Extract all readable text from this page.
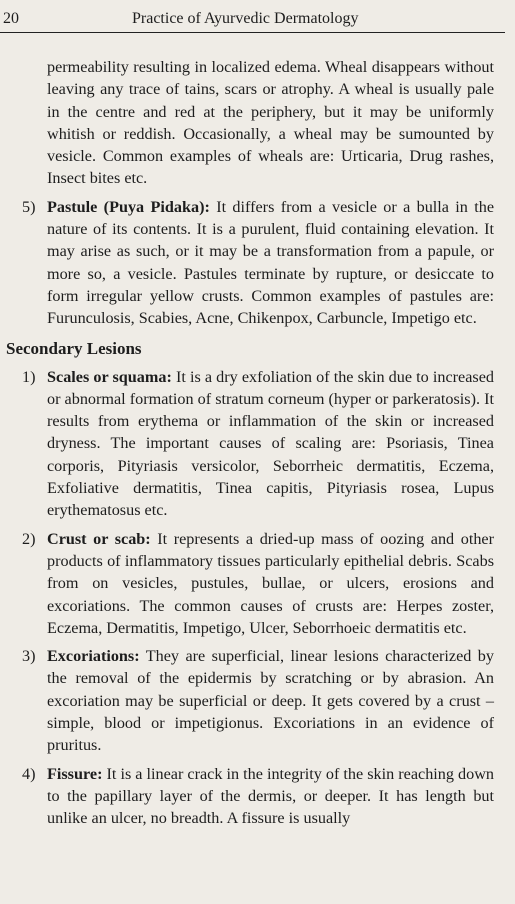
20	Practice of Ayurvedic Dermatology

permeability resulting in localized edema. Wheal disappears without leaving any trace of tains, scars or atrophy. A wheal is usually pale in the centre and red at the periphery, but it may be uniformly whitish or reddish. Occasionally, a wheal may be sumounted by vesicle. Common examples of wheals are: Urticaria, Drug rashes, Insect bites etc.

5) Pastule (Puya Pidaka): It differs from a vesicle or a bulla in the nature of its contents. It is a purulent, fluid containing elevation. It may arise as such, or it may be a transformation from a papule, or more so, a vesicle. Pastules terminate by rupture, or desiccate to form irregular yellow crusts. Common examples of pastules are: Furunculosis, Scabies, Acne, Chikenpox, Carbuncle, Impetigo etc.

Secondary Lesions
1) Scales or squama: It is a dry exfoliation of the skin due to increased or abnormal formation of stratum corneum (hyper or parkeratosis). It results from erythema or inflammation of the skin or increased dryness. The important causes of scaling are: Psoriasis, Tinea corporis, Pityriasis versicolor, Seborrheic dermatitis, Eczema, Exfoliative dermatitis, Tinea capitis, Pityriasis rosea, Lupus erythematosus etc.

2) Crust or scab: It represents a dried-up mass of oozing and other products of inflammatory tissues particularly epithelial debris. Scabs from on vesicles, pustules, bullae, or ulcers, erosions and excoriations. The common causes of crusts are: Herpes zoster, Eczema, Dermatitis, Impetigo, Ulcer, Seborrhoeic dermatitis etc.

3) Excoriations: They are superficial, linear lesions characterized by the removal of the epidermis by scratching or by abrasion. An excoriation may be superficial or deep. It gets covered by a crust – simple, blood or impetigionus. Excoriations in an evidence of pruritus.

4) Fissure: It is a linear crack in the integrity of the skin reaching down to the papillary layer of the dermis, or deeper. It has length but unlike an ulcer, no breadth. A fissure is usually
